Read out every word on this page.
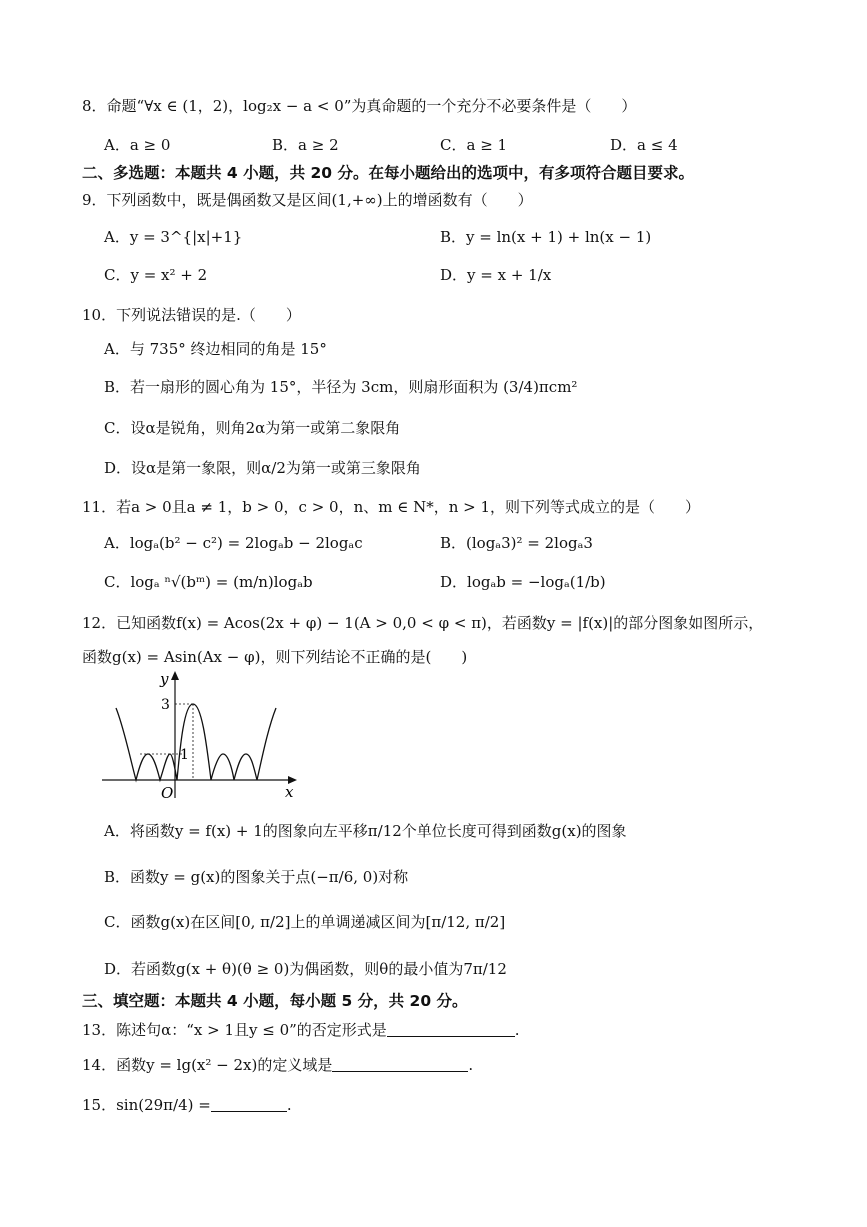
8．命题“∀x ∈ (1，2)，log₂x − a < 0”为真命题的一个充分不必要条件是（　　）
A．a ≥ 0	B．a ≥ 2	C．a ≥ 1	D．a ≤ 4
二、多选题：本题共 4 小题，共 20 分。在每小题给出的选项中，有多项符合题目要求。
9．下列函数中，既是偶函数又是区间(1,+∞)上的增函数有（　　）
A．y = 3^{|x|+1}	B．y = ln(x + 1) + ln(x − 1)
C．y = x² + 2	D．y = x + 1/x
10．下列说法错误的是.（　　）
A．与 735° 终边相同的角是 15°
B．若一扇形的圆心角为 15°，半径为 3cm，则扇形面积为 (3/4)πcm²
C．设α是锐角，则角2α为第一或第二象限角
D．设α是第一象限，则α/2为第一或第三象限角
11．若a > 0且a ≠ 1，b > 0，c > 0，n、m ∈ N*，n > 1，则下列等式成立的是（　　）
A．logₐ(b² − c²) = 2logₐb − 2logₐc	B．(logₐ3)² = 2logₐ3
C．logₐ ⁿ√(bᵐ) = (m/n)logₐb	D．logₐb = −logₐ(1/b)
12．已知函数f(x) = Acos(2x + φ) − 1(A > 0,0 < φ < π)，若函数y = |f(x)|的部分图象如图所示，
函数g(x) = Asin(Ax − φ)，则下列结论不正确的是(　　)
y
3
1
O	x
A．将函数y = f(x) + 1的图象向左平移π/12个单位长度可得到函数g(x)的图象
B．函数y = g(x)的图象关于点(−π/6, 0)对称
C．函数g(x)在区间[0, π/2]上的单调递减区间为[π/12, π/2]
D．若函数g(x + θ)(θ ≥ 0)为偶函数，则θ的最小值为7π/12
三、填空题：本题共 4 小题，每小题 5 分，共 20 分。
13．陈述句α：“x > 1且y ≤ 0”的否定形式是	.
14．函数y = lg(x² − 2x)的定义域是	.
15．sin(29π/4) =	.
